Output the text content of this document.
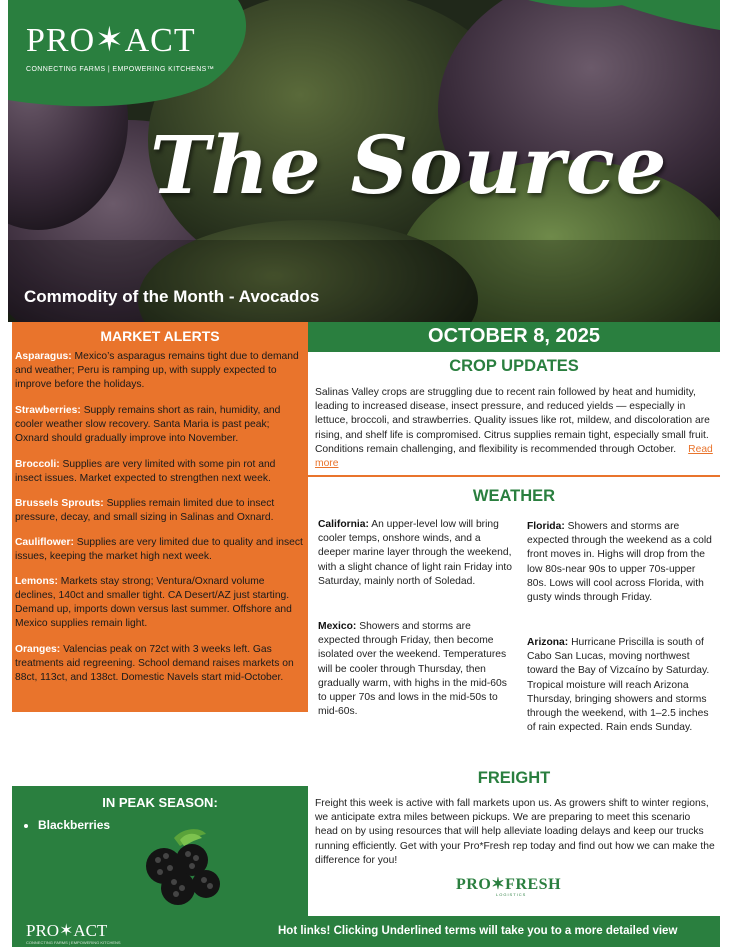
PRO✶ACT
CONNECTING FARMS | EMPOWERING KITCHENS™
The Source
Commodity of the Month - Avocados
MARKET ALERTS
Asparagus: Mexico’s asparagus remains tight due to demand and weather; Peru is ramping up, with supply expected to improve before the holidays.
Strawberries: Supply remains short as rain, humidity, and cooler weather slow recovery. Santa Maria is past peak; Oxnard should gradually improve into November.
Broccoli: Supplies are very limited with some pin rot and insect issues. Market expected to strengthen next week.
Brussels Sprouts: Supplies remain limited due to insect pressure, decay, and small sizing in Salinas and Oxnard.
Cauliflower: Supplies are very limited due to quality and insect issues, keeping the market high next week.
Lemons: Markets stay strong; Ventura/Oxnard volume declines, 140ct and smaller tight. CA Desert/AZ just starting. Demand up, imports down versus last summer. Offshore and Mexico supplies remain light.
Oranges: Valencias peak on 72ct with 3 weeks left. Gas treatments aid regreening. School demand raises markets on 88ct, 113ct, and 138ct. Domestic Navels start mid-October.
OCTOBER 8, 2025
CROP UPDATES
Salinas Valley crops are struggling due to recent rain followed by heat and humidity, leading to increased disease, insect pressure, and reduced yields — especially in lettuce, broccoli, and strawberries. Quality issues like rot, mildew, and discoloration are rising, and shelf life is compromised. Citrus supplies remain tight, especially small fruit. Conditions remain challenging, and flexibility is recommended through October. Read more
WEATHER
California: An upper-level low will bring cooler temps, onshore winds, and a deeper marine layer through the weekend, with a slight chance of light rain Friday into Saturday, mainly north of Soledad.
Mexico: Showers and storms are expected through Friday, then become isolated over the weekend. Temperatures will be cooler through Thursday, then gradually warm, with highs in the mid-60s to upper 70s and lows in the mid-50s to mid-60s.
Florida: Showers and storms are expected through the weekend as a cold front moves in. Highs will drop from the low 80s-near 90s to upper 70s-upper 80s. Lows will cool across Florida, with gusty winds through Friday.
Arizona: Hurricane Priscilla is south of Cabo San Lucas, moving northwest toward the Bay of Vizcaíno by Saturday. Tropical moisture will reach Arizona Thursday, bringing showers and storms through the weekend, with 1–2.5 inches of rain expected. Rain ends Sunday.
FREIGHT
Freight this week is active with fall markets upon us. As growers shift to winter regions, we anticipate extra miles between pickups. We are preparing to meet this scenario head on by using resources that will help alleviate loading delays and keep our trucks running efficiently. Get with your Pro*Fresh rep today and find out how we can make the difference for you!
PRO✶FRESH
LOGISTICS
IN PEAK SEASON:
• Blackberries
PRO✶ACT
CONNECTING FARMS | EMPOWERING KITCHENS
Hot links! Clicking Underlined terms will take you to a more detailed view
